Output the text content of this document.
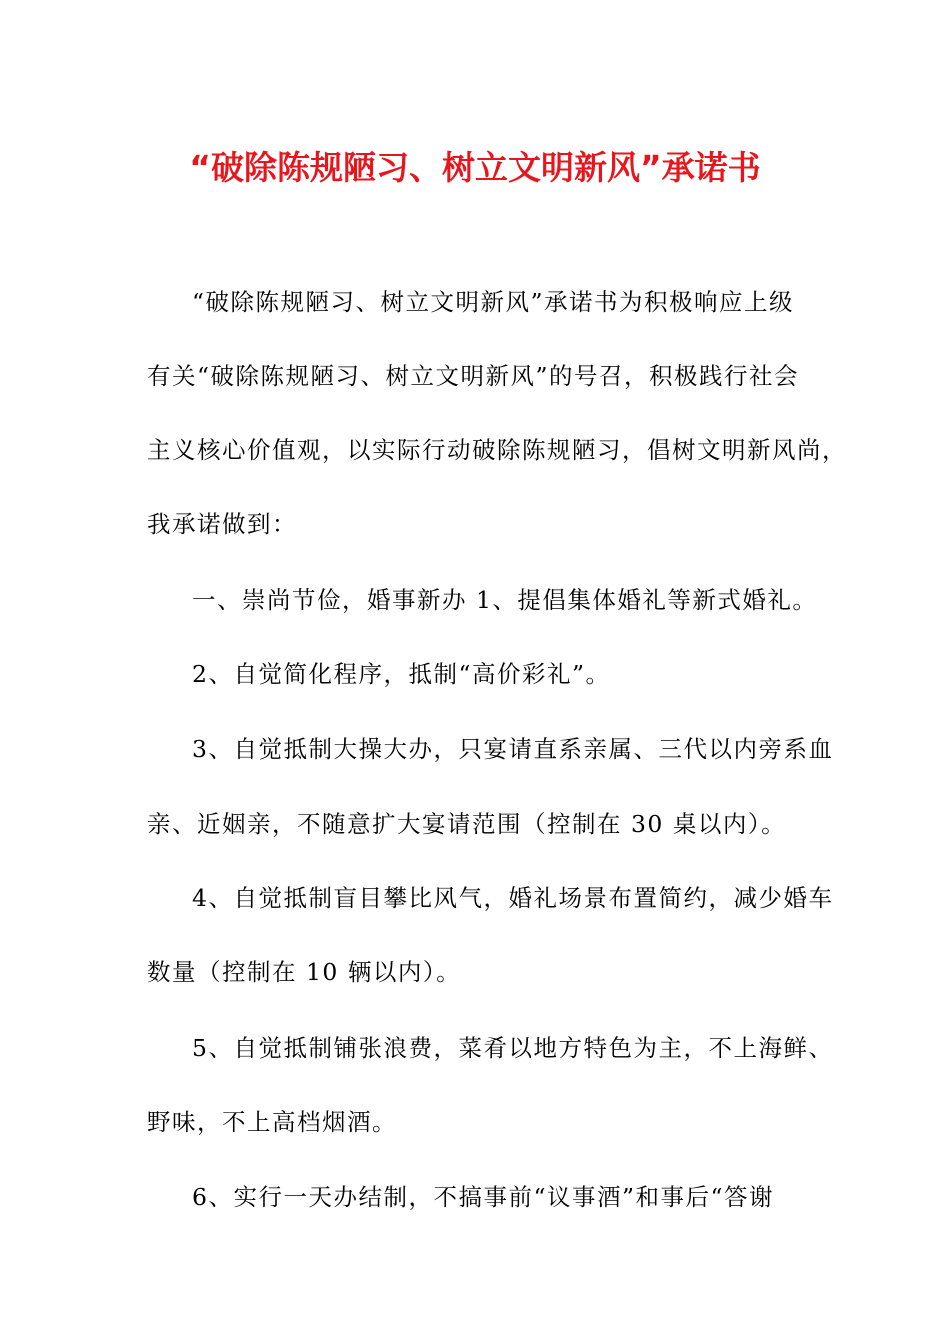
“破除陈规陋习、树立文明新风”承诺书

“破除陈规陋习、树立文明新风”承诺书为积极响应上级

有关“破除陈规陋习、树立文明新风”的号召，积极践行社会

主义核心价值观，以实际行动破除陈规陋习，倡树文明新风尚，

我承诺做到：

一、崇尚节俭，婚事新办 1、提倡集体婚礼等新式婚礼。

2、自觉简化程序，抵制“高价彩礼”。

3、自觉抵制大操大办，只宴请直系亲属、三代以内旁系血

亲、近姻亲，不随意扩大宴请范围（控制在 30 桌以内）。

4、自觉抵制盲目攀比风气，婚礼场景布置简约，减少婚车

数量（控制在 10 辆以内）。

5、自觉抵制铺张浪费，菜肴以地方特色为主，不上海鲜、

野味，不上高档烟酒。

6、实行一天办结制，不搞事前“议事酒”和事后“答谢
